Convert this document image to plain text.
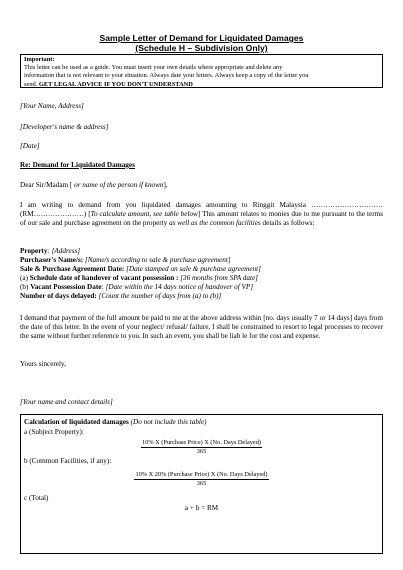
Sample Letter of Demand for Liquidated Damages
(Schedule H – Subdivision Only)
Important:
This letter can be used as a guide. You must insert your own details where appropriate and delete any
information that is not relevant to your situation. Always date your letters. Always keep a copy of the letter you
send. GET LEGAL ADVICE IF YOU DON'T UNDERSTAND
[Your Name, Address]
[Developer's name & address]
[Date]
Re: Demand for Liquidated Damages
Dear Sir/Madam [ or name of the person if known],
I am writing to demand from you liquidated damages amounting to Ringgit Malaysia ………………………… (RM…………………) [To calculate amount, see table below] This amount relates to monies due to me pursuant to the terms of our sale and purchase agreement on the property as well as the common facilities details as follows:
Property: [Address]
Purchaser's Name/s: [Name/s according to sale & purchase agreement]
Sale & Purchase Agreement Date: [Date stamped on sale & purchase agreement]
(a) Schedule date of handover of vacant possession : [36 months from SPA date]
(b) Vacant Possession Date: [Date within the 14 days notice of handover of VP]
Number of days delayed: [Count the number of days from (a) to (b)]
I demand that payment of the full amount be paid to me at the above address within [no. days usually 7 or 14 days] days from the date of this letter. In the event of your neglect/ refusal/ failure, I shall be constrained to resort to legal processes to recover the same without further reference to you. In such an event, you shall be liab le for the cost and expense.
Yours sincerely,
[Your name and contact details]
Calculation of liquidated damages (Do not include this table)
a (Subject Property):
10% X (Purchase Price) X (No. Days Delayed)
365
b (Common Facilities, if any):
10% X 20% (Purchase Price) X (No. Days Delayed)
365
c (Total)
a + b = RM
